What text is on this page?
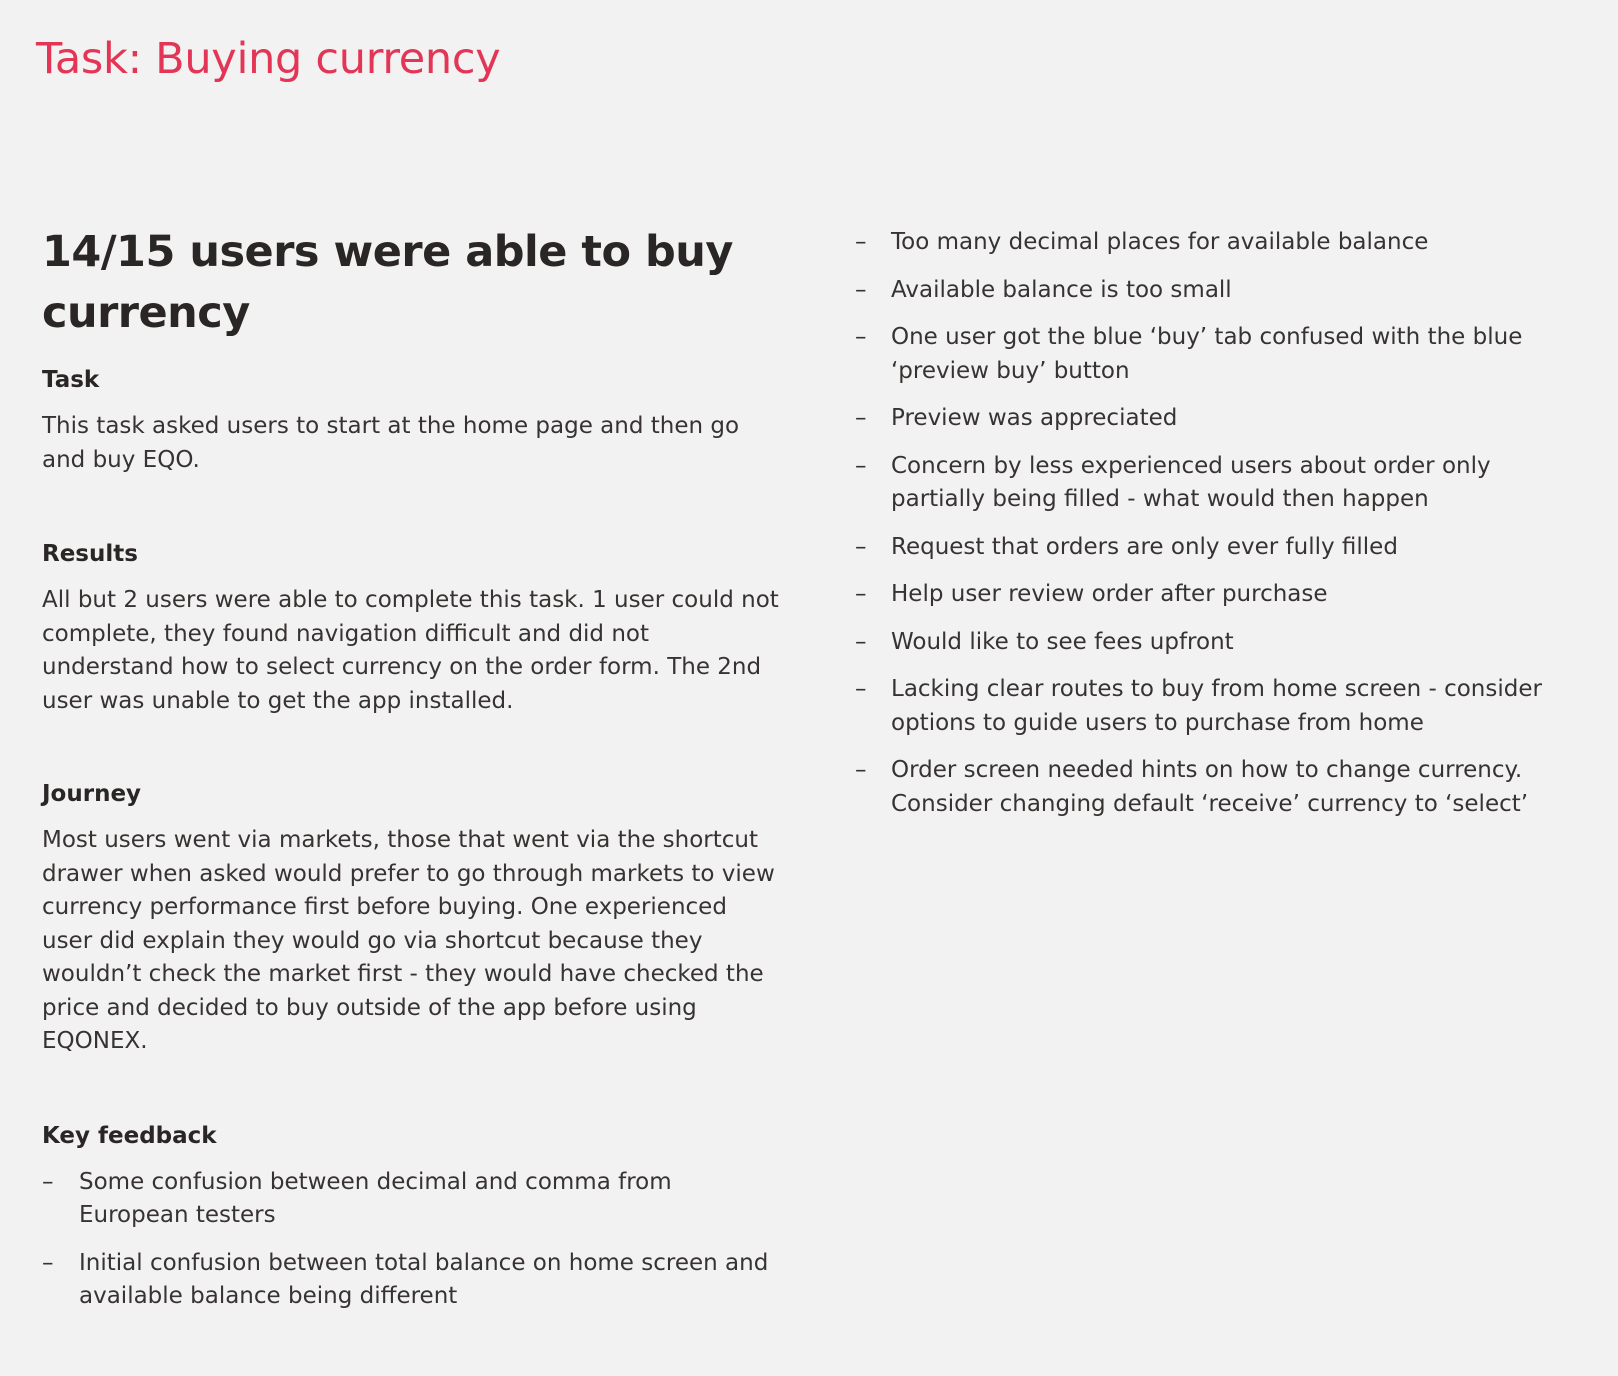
Task: Buying currency
14/15 users were able to buy currency
Task

This task asked users to start at the home page and then go and buy EQO.

Results

All but 2 users were able to complete this task. 1 user could not complete, they found navigation difficult and did not understand how to select currency on the order form. The 2nd user was unable to get the app installed.

Journey

Most users went via markets, those that went via the shortcut drawer when asked would prefer to go through markets to view currency performance first before buying. One experienced user did explain they would go via shortcut because they wouldn’t check the market first - they would have checked the price and decided to buy outside of the app before using EQONEX.

Key feedback
– Some confusion between decimal and comma from European testers
– Initial confusion between total balance on home screen and available balance being different
– Too many decimal places for available balance
– Available balance is too small
– One user got the blue ‘buy’ tab confused with the blue ‘preview buy’ button
– Preview was appreciated
– Concern by less experienced users about order only partially being filled - what would then happen
– Request that orders are only ever fully filled
– Help user review order after purchase
– Would like to see fees upfront
– Lacking clear routes to buy from home screen - consider options to guide users to purchase from home
– Order screen needed hints on how to change currency. Consider changing default ‘receive’ currency to ‘select’
